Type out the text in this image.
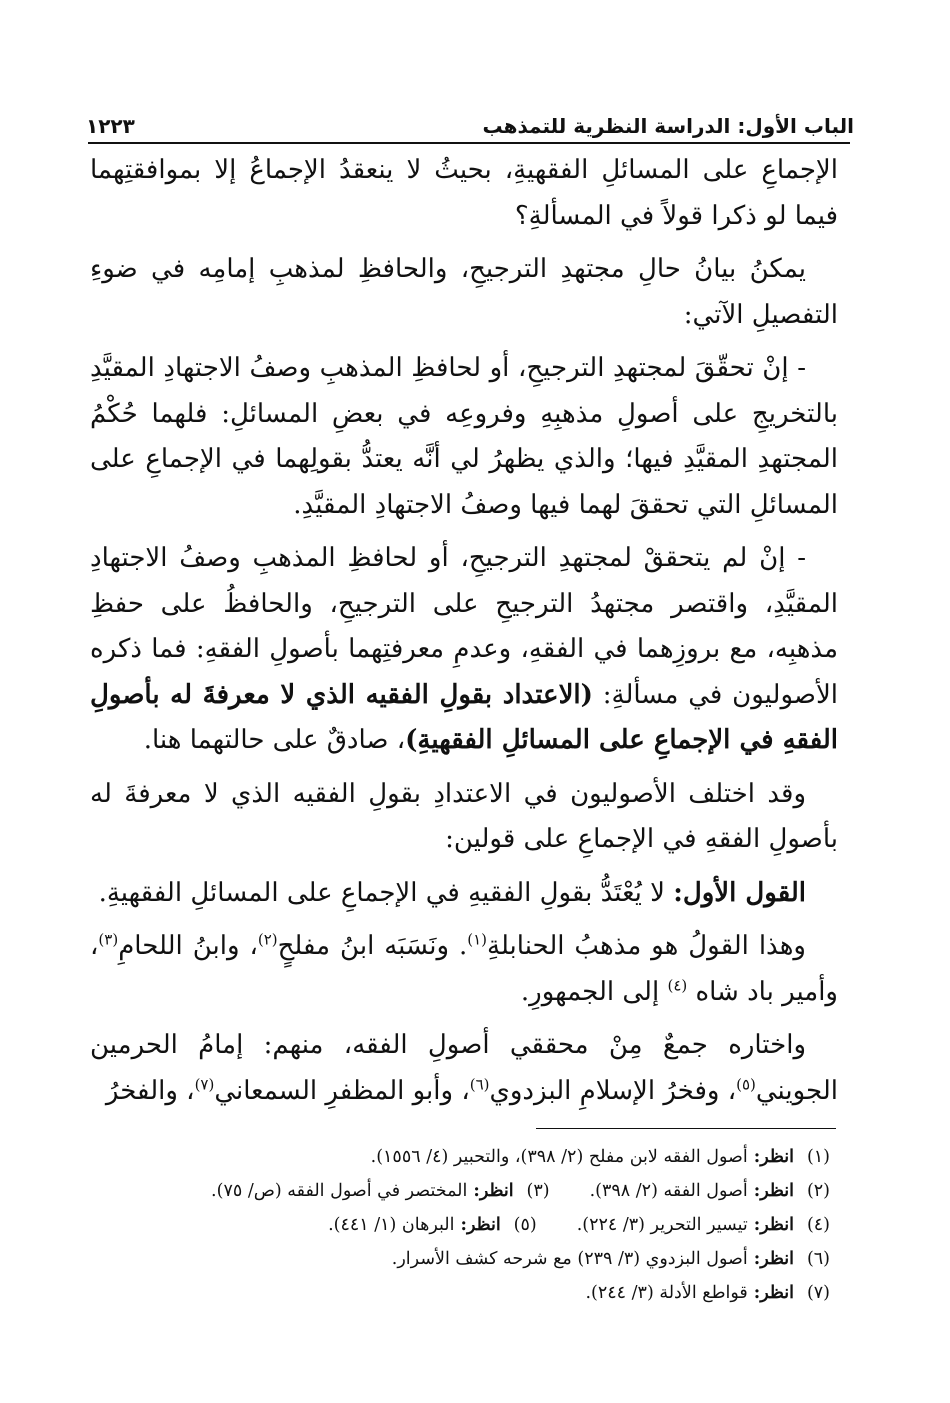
الباب الأول: الدراسة النظرية للتمذهب
١٢٢٣

الإجماعِ على المسائلِ الفقهيةِ، بحيثُ لا ينعقدُ الإجماعُ إلا بموافقتِهما فيما لو ذكرا قولاً في المسألةِ؟

يمكنُ بيانُ حالِ مجتهدِ الترجيحِ، والحافظِ لمذهبِ إمامِه في ضوءِ التفصيلِ الآتي:

- إنْ تحقّقَ لمجتهدِ الترجيحِ، أو لحافظِ المذهبِ وصفُ الاجتهادِ المقيَّدِ بالتخريجِ على أصولِ مذهبِهِ وفروعِه في بعضِ المسائلِ: فلهما حُكْمُ المجتهدِ المقيَّدِ فيها؛ والذي يظهرُ لي أنَّه يعتدُّ بقولِهما في الإجماعِ على المسائلِ التي تحققَ لهما فيها وصفُ الاجتهادِ المقيَّدِ.

- إنْ لم يتحققْ لمجتهدِ الترجيحِ، أو لحافظِ المذهبِ وصفُ الاجتهادِ المقيَّدِ، واقتصر مجتهدُ الترجيحِ على الترجيحِ، والحافظُ على حفظِ مذهبِه، مع بروزِهما في الفقهِ، وعدمِ معرفتِهما بأصولِ الفقهِ: فما ذكره الأصوليون في مسألةِ: (الاعتداد بقولِ الفقيه الذي لا معرفةَ له بأصولِ الفقهِ في الإجماعِ على المسائلِ الفقهيةِ)، صادقٌ على حالتهما هنا.

وقد اختلف الأصوليون في الاعتدادِ بقولِ الفقيه الذي لا معرفةَ له بأصولِ الفقهِ في الإجماعِ على قولين:

القول الأول: لا يُعْتَدُّ بقولِ الفقيهِ في الإجماعِ على المسائلِ الفقهيةِ.

وهذا القولُ هو مذهبُ الحنابلةِ$^{(١)}$. ونَسَبَه ابنُ مفلحٍ$^{(٢)}$، وابنُ اللحامِ$^{(٣)}$، وأمير باد شاه $^{(٤)}$ إلى الجمهورِ.

واختاره جمعٌ مِنْ محققي أصولِ الفقه، منهم: إمامُ الحرمين الجويني$^{(٥)}$، وفخرُ الإسلامِ البزدوي$^{(٦)}$، وأبو المظفرِ السمعاني$^{(٧)}$، والفخرُ

(١)
انظر:
أصول الفقه لابن مفلح (٢/ ٣٩٨)، والتحبير (٤/ ١٥٥٦).
(٢)
انظر:
أصول الفقه (٢/ ٣٩٨).
(٣)
انظر:
المختصر في أصول الفقه (ص/ ٧٥).
(٤)
انظر:
تيسير التحرير (٣/ ٢٢٤).
(٥)
انظر:
البرهان (١/ ٤٤١).
(٦)
انظر:
أصول البزدوي (٣/ ٢٣٩) مع شرحه كشف الأسرار.
(٧)
انظر:
قواطع الأدلة (٣/ ٢٤٤).
